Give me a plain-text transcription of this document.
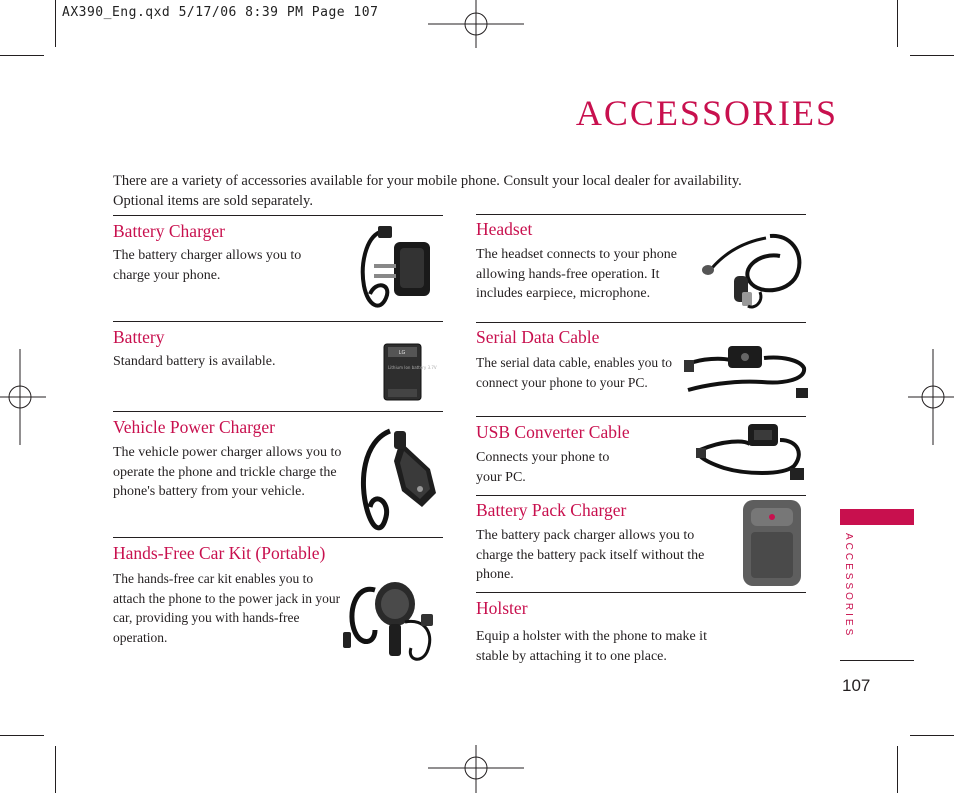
AX390_Eng.qxd 5/17/06 8:39 PM Page 107
ACCESSORIES
There are a variety of accessories available for your mobile phone. Consult your local dealer for availability. Optional items are sold separately.
Battery Charger
The battery charger allows you to charge your phone.
Battery
Standard battery is available.
Vehicle Power Charger
The vehicle power charger allows you to operate the phone and trickle charge the phone's battery from your vehicle.
Hands-Free Car Kit (Portable)
The hands-free car kit enables you to attach the phone to the power jack in your car, providing you with hands-free operation.
Headset
The headset connects to your phone allowing hands-free operation. It includes earpiece, microphone.
Serial Data Cable
The serial data cable, enables you to connect your phone to your PC.
USB Converter Cable
Connects your phone to your PC.
Battery Pack Charger
The battery pack charger allows you to charge the battery pack itself without the phone.
Holster
Equip a holster with the phone to make it stable by attaching it to one place.
ACCESSORIES
107
LG
Lithium Ion battery 3.7V
